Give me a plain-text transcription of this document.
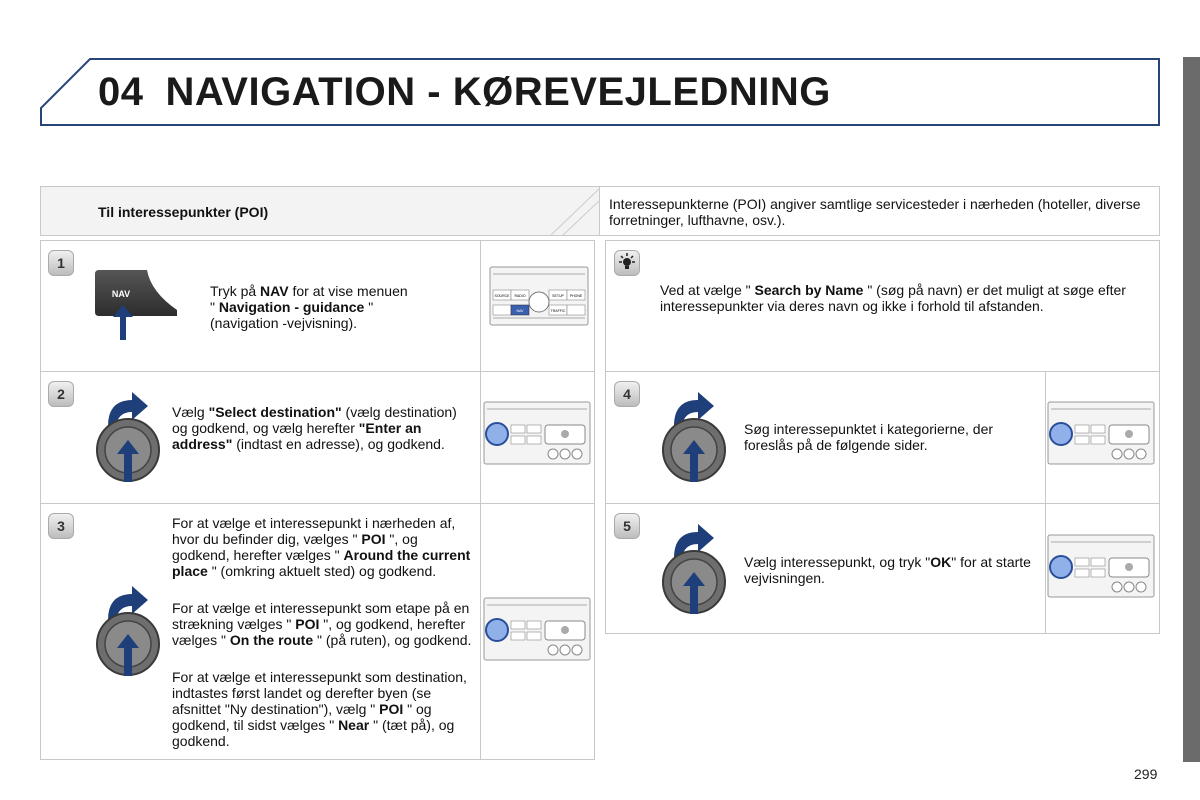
04 NAVIGATION - KØREVEJLEDNING
Til interessepunkter (POI)	Interessepunkterne (POI) angiver samtlige servicesteder i nærheden (hoteller, diverse forretninger, lufthavne, osv.).
1
2
3
4
5
NAV	Tryk på NAV for at vise menuen
" Navigation - guidance "
(navigation -vejvisning).
SOURCE RADIO	SETUP PHONE
NAV	TRAFFIC
Vælg "Select destination" (vælg destination) og godkend, og vælg herefter "Enter an address" (indtast en adresse), og godkend.
For at vælge et interessepunkt i nærheden af, hvor du befinder dig, vælges " POI ", og godkend, herefter vælges " Around the current place " (omkring aktuelt sted) og godkend.
For at vælge et interessepunkt som etape på en strækning vælges " POI ", og godkend, herefter vælges " On the route " (på ruten), og godkend.
For at vælge et interessepunkt som destination, indtastes først landet og derefter byen (se afsnittet "Ny destination"), vælg " POI " og godkend, til sidst vælges " Near " (tæt på), og godkend.
Ved at vælge " Search by Name " (søg på navn) er det muligt at søge efter interessepunkter via deres navn og ikke i forhold til afstanden.
Søg interessepunktet i kategorierne, der foreslås på de følgende sider.
Vælg interessepunkt, og tryk "OK" for at starte vejvisningen.
299
